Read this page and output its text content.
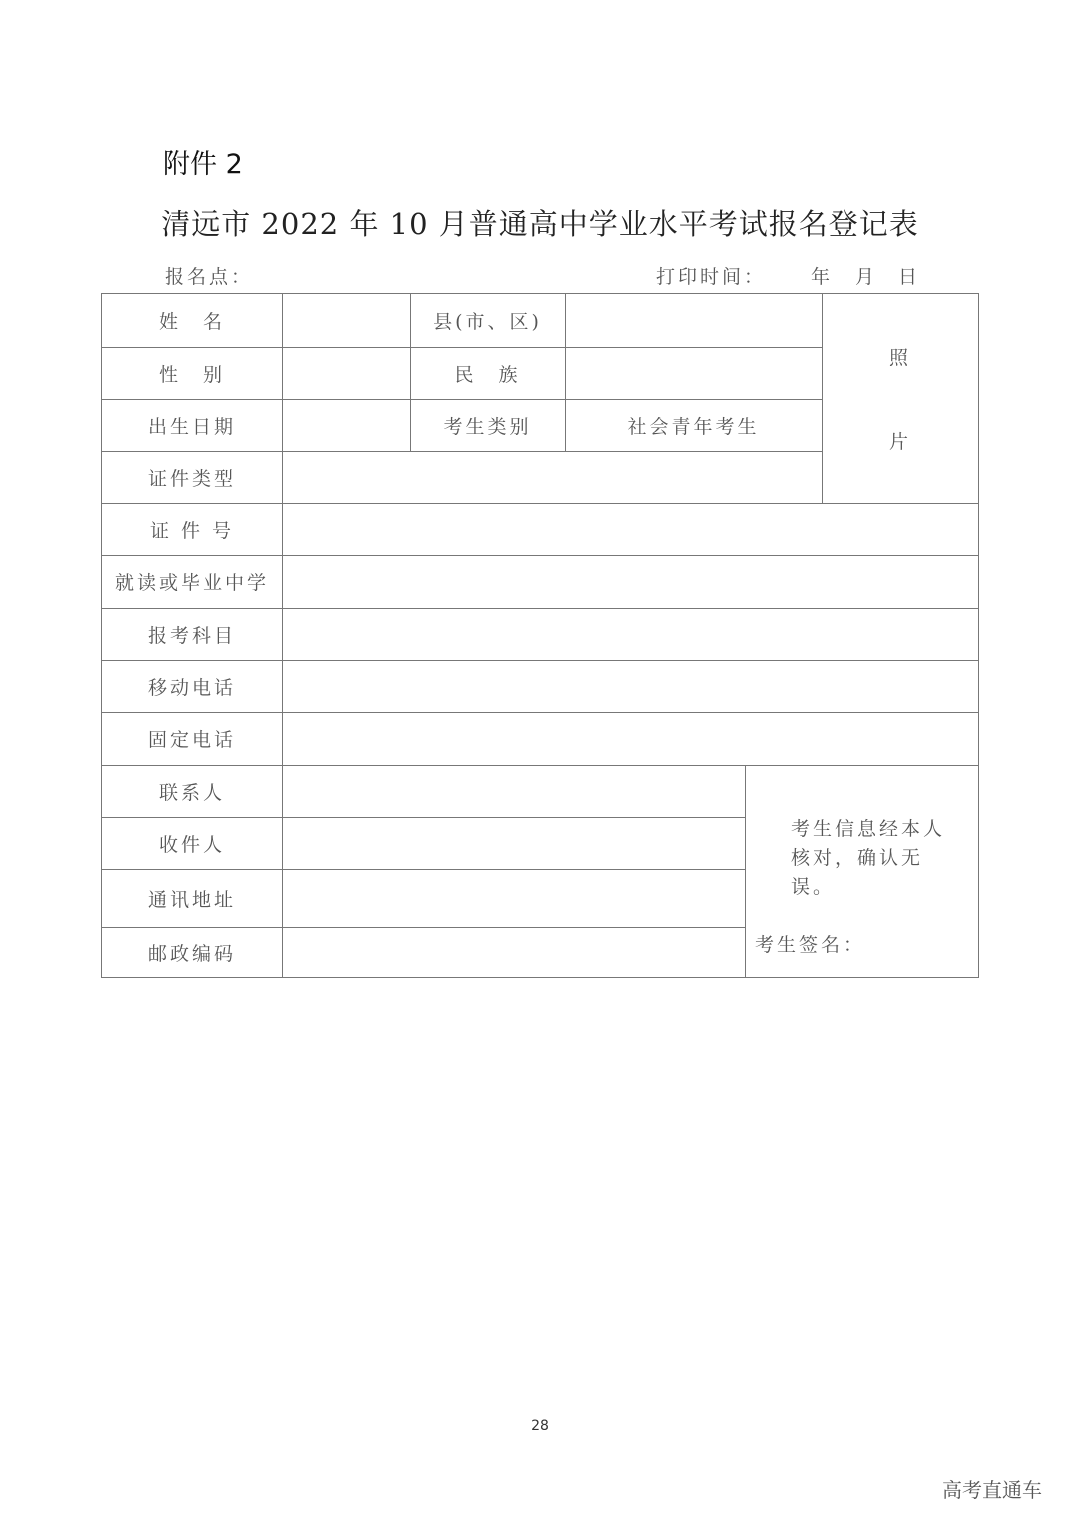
附件 2
清远市 2022 年 10 月普通高中学业水平考试报名登记表
报名点：	打印时间： 年 月 日
姓　名
性　别
出生日期
证件类型
证 件 号
就读或毕业中学
报考科目
移动电话
固定电话
联系人
收件人
通讯地址
邮政编码
县(市、区)
民　族
考生类别	社会青年考生
照
片
考生信息经本人核对，确认无误。
考生签名：
28
高考直通车
